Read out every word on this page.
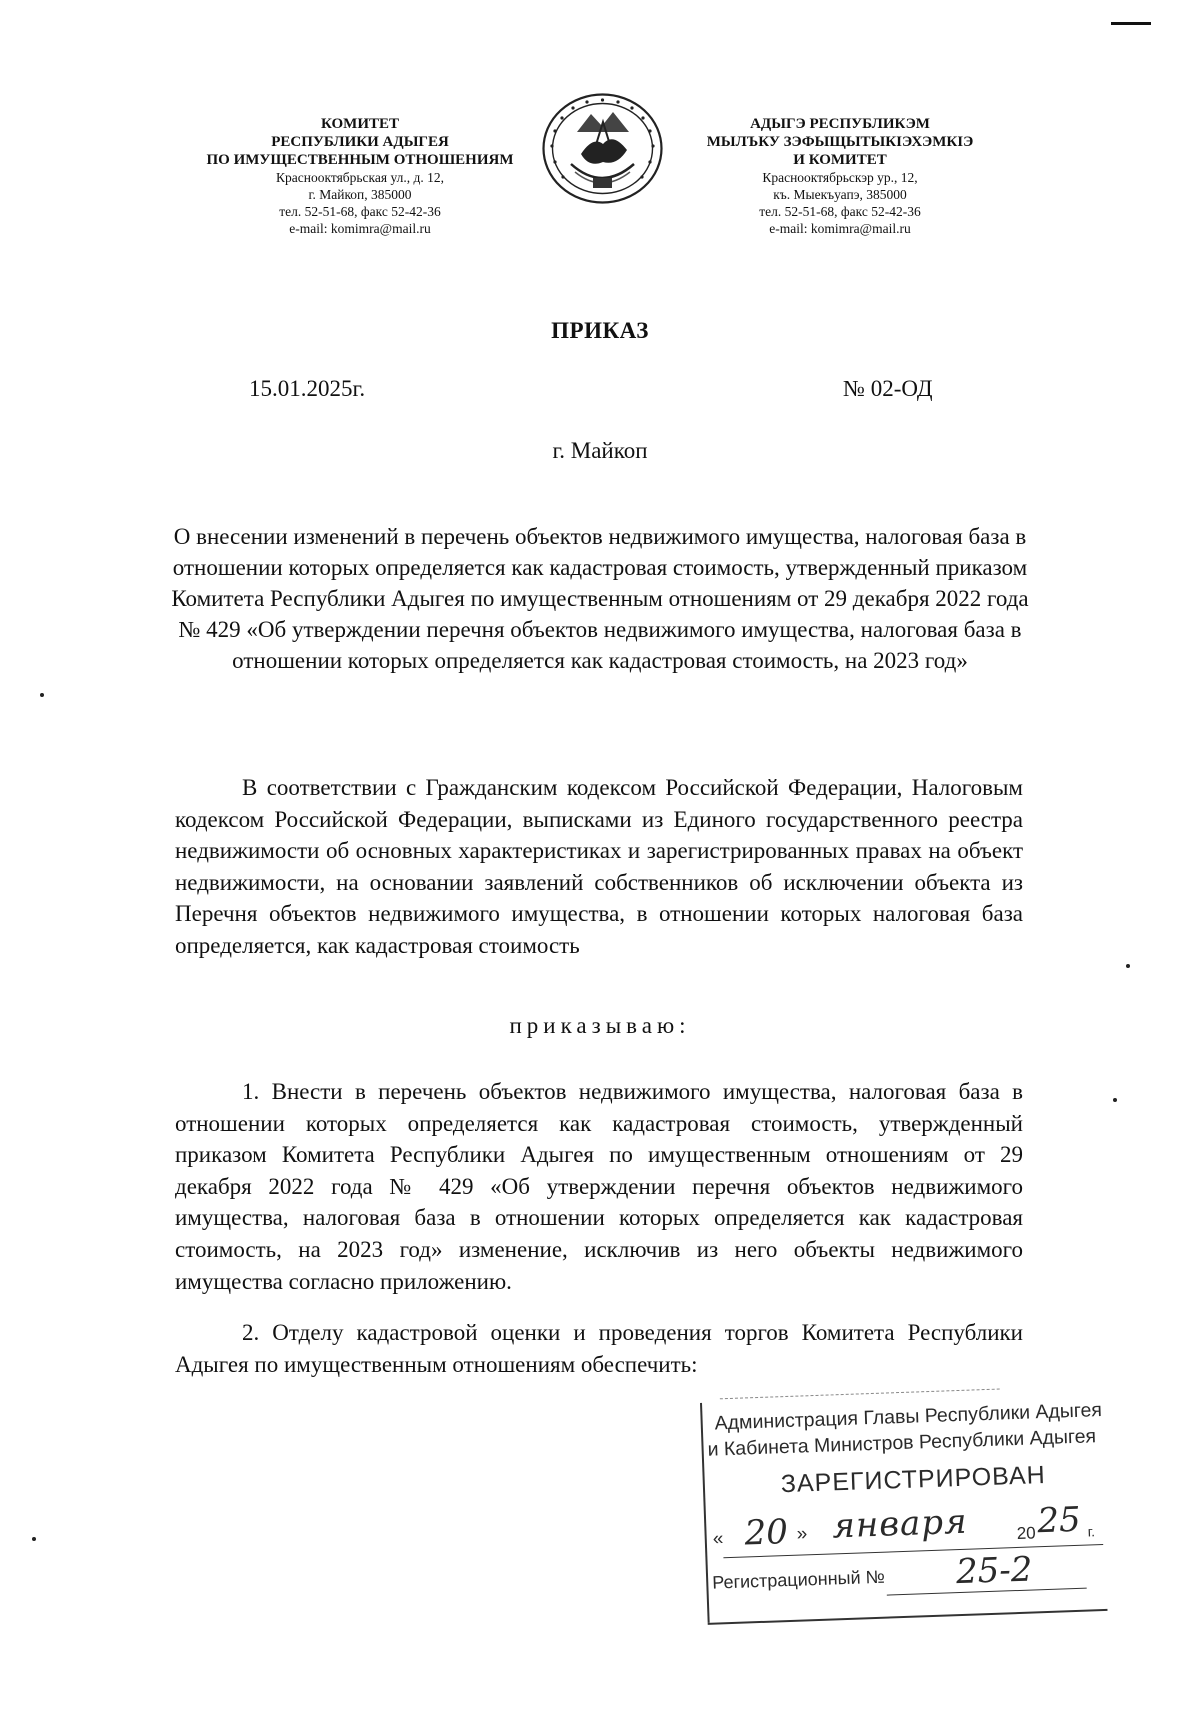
КОМИТЕТ
РЕСПУБЛИКИ АДЫГЕЯ
ПО ИМУЩЕСТВЕННЫМ ОТНОШЕНИЯМ
Краснооктябрьская ул., д. 12,
г. Майкоп, 385000
тел. 52-51-68, факс 52-42-36
e-mail: komimra@mail.ru
АДЫГЭ РЕСПУБЛИКЭМ
МЫЛЪКУ ЗЭФЫЩЫТЫКІЭХЭМКІЭ
И КОМИТЕТ
Краснооктябрьскэр ур., 12,
къ. Мыекъуапэ, 385000
тел. 52-51-68, факс 52-42-36
e-mail: komimra@mail.ru
ПРИКАЗ
15.01.2025г.	№ 02-ОД
г. Майкоп
О внесении изменений в перечень объектов недвижимого имущества, налоговая база в отношении которых определяется как кадастровая стоимость, утвержденный приказом Комитета Республики Адыгея по имущественным отношениям от 29 декабря 2022 года № 429 «Об утверждении перечня объектов недвижимого имущества, налоговая база в отношении которых определяется как кадастровая стоимость, на 2023 год»
В соответствии с Гражданским кодексом Российской Федерации, Налоговым кодексом Российской Федерации, выписками из Единого государственного реестра недвижимости об основных характеристиках и зарегистрированных правах на объект недвижимости, на основании заявлений собственников об исключении объекта из Перечня объектов недвижимого имущества, в отношении которых налоговая база определяется, как кадастровая стоимость
приказываю:
1. Внести в перечень объектов недвижимого имущества, налоговая база в отношении которых определяется как кадастровая стоимость, утвержденный приказом Комитета Республики Адыгея по имущественным отношениям от 29 декабря 2022 года № 429 «Об утверждении перечня объектов недвижимого имущества, налоговая база в отношении которых определяется как кадастровая стоимость, на 2023 год» изменение, исключив из него объекты недвижимого имущества согласно приложению.
2. Отделу кадастровой оценки и проведения торгов Комитета Республики Адыгея по имущественным отношениям обеспечить:
Администрация Главы Республики Адыгея
и Кабинета Министров Республики Адыгея
ЗАРЕГИСТРИРОВАН
« 20 » января	20 25 г.
Регистрационный № 25-2
